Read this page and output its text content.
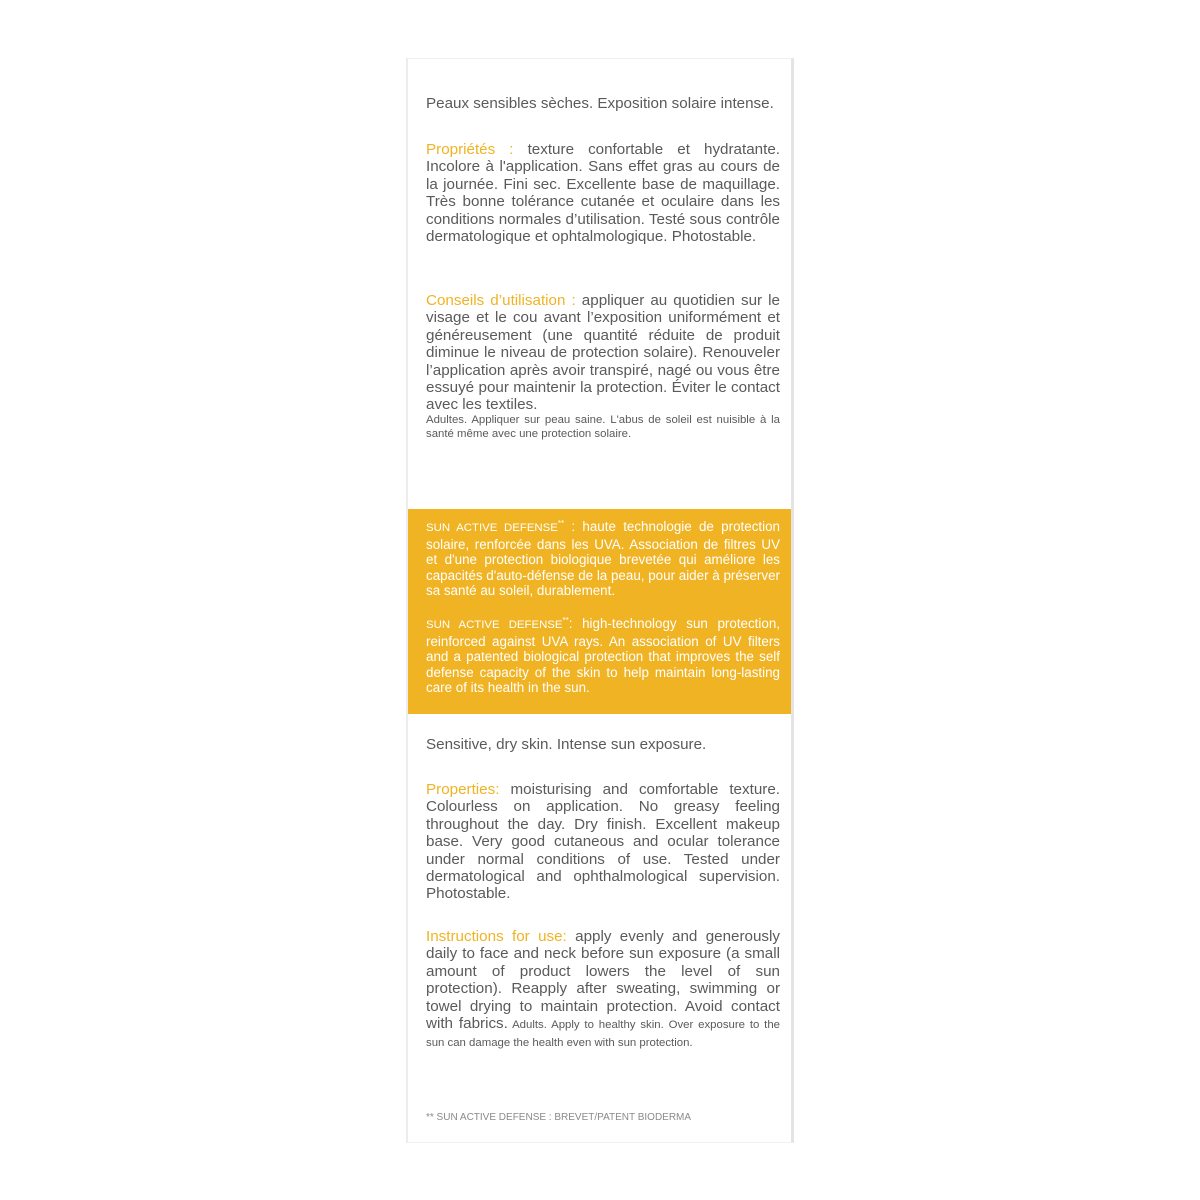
Peaux sensibles sèches. Exposition solaire intense.

Propriétés : texture confortable et hydratante. Incolore à l'application. Sans effet gras au cours de la journée. Fini sec. Excellente base de maquillage. Très bonne tolérance cutanée et oculaire dans les conditions normales d’utilisation. Testé sous contrôle dermatologique et ophtalmologique. Photostable.

Conseils d’utilisation : appliquer au quotidien sur le visage et le cou avant l’exposition uniformément et généreusement (une quantité réduite de produit diminue le niveau de protection solaire). Renouveler l’application après avoir transpiré, nagé ou vous être essuyé pour maintenir la protection. Éviter le contact avec les textiles.

Adultes. Appliquer sur peau saine. L'abus de soleil est nuisible à la santé même avec une protection solaire.

SUN ACTIVE DEFENSE** : haute technologie de protection solaire, renforcée dans les UVA. Association de filtres UV et d'une protection biologique brevetée qui améliore les capacités d'auto-défense de la peau, pour aider à préserver sa santé au soleil, durablement.

SUN ACTIVE DEFENSE**: high-technology sun protection, reinforced against UVA rays. An association of UV filters and a patented biological protection that improves the self defense capacity of the skin to help maintain long-lasting care of its health in the sun.

Sensitive, dry skin. Intense sun exposure.

Properties: moisturising and comfortable texture. Colourless on application. No greasy feeling throughout the day. Dry finish. Excellent makeup base. Very good cutaneous and ocular tolerance under normal conditions of use. Tested under dermatological and ophthalmological supervision. Photostable.

Instructions for use: apply evenly and generously daily to face and neck before sun exposure (a small amount of product lowers the level of sun protection). Reapply after sweating, swimming or towel drying to maintain protection. Avoid contact with fabrics. Adults. Apply to healthy skin. Over exposure to the sun can damage the health even with sun protection.

** SUN ACTIVE DEFENSE : BREVET/PATENT BIODERMA
